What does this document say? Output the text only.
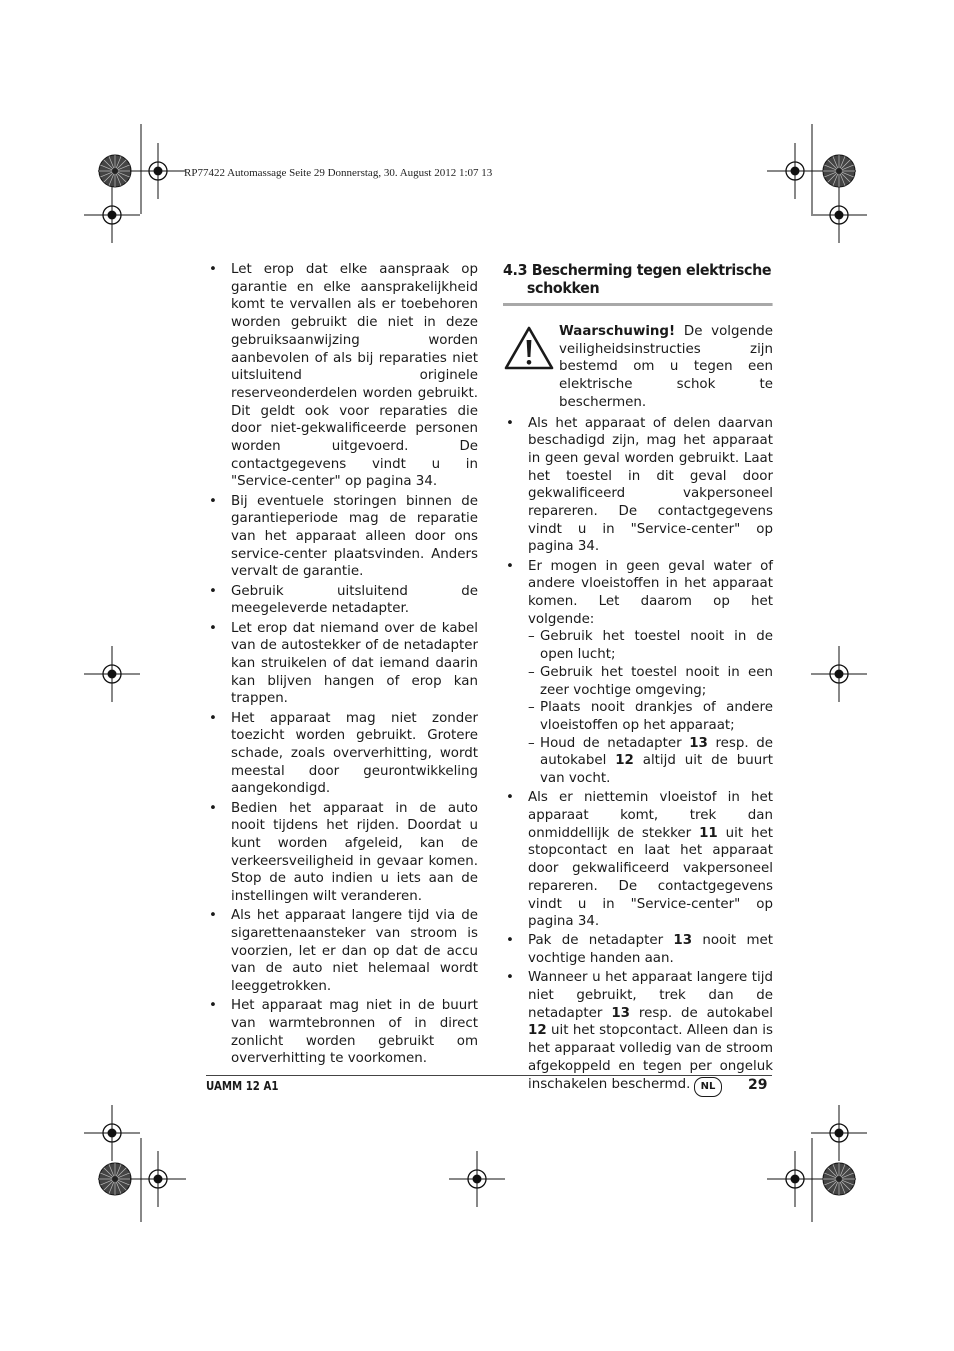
RP77422 Automassage Seite 29 Donnerstag, 30. August 2012 1:07 13
• Let erop dat elke aanspraak op garantie en elke aansprakelijkheid komt te vervallen als er toebehoren worden gebruikt die niet in deze gebruiksaanwijzing worden aanbevolen of als bij reparaties niet uitsluitend originele reserveonderdelen worden gebruikt. Dit geldt ook voor reparaties die door niet-gekwalificeerde personen worden uitgevoerd. De contactgegevens vindt u in "Service-center" op pagina 34.
• Bij eventuele storingen binnen de garantieperiode mag de reparatie van het apparaat alleen door ons service-center plaatsvinden. Anders vervalt de garantie.
• Gebruik uitsluitend de meegeleverde netadapter.
• Let erop dat niemand over de kabel van de autostekker of de netadapter kan struikelen of dat iemand daarin kan blijven hangen of erop kan trappen.
• Het apparaat mag niet zonder toezicht worden gebruikt. Grotere schade, zoals oververhitting, wordt meestal door geurontwikkeling aangekondigd.
• Bedien het apparaat in de auto nooit tijdens het rijden. Doordat u kunt worden afgeleid, kan de verkeersveiligheid in gevaar komen. Stop de auto indien u iets aan de instellingen wilt veranderen.
• Als het apparaat langere tijd via de sigarettenaansteker van stroom is voorzien, let er dan op dat de accu van de auto niet helemaal wordt leeggetrokken.
• Het apparaat mag niet in de buurt van warmtebronnen of in direct zonlicht worden gebruikt om oververhitting te voorkomen.
4.3 Bescherming tegen elektrische
schokken
Waarschuwing! De volgende veiligheidsinstructies zijn bestemd om u tegen een elektrische schok te beschermen.
• Als het apparaat of delen daarvan beschadigd zijn, mag het apparaat in geen geval worden gebruikt. Laat het toestel in dit geval door gekwalificeerd vakpersoneel repareren. De contactgegevens vindt u in "Service-center" op pagina 34.
• Er mogen in geen geval water of andere vloeistoffen in het apparaat komen. Let daarom op het volgende:
– Gebruik het toestel nooit in de open lucht;
– Gebruik het toestel nooit in een zeer vochtige omgeving;
– Plaats nooit drankjes of andere vloeistoffen op het apparaat;
– Houd de netadapter 13 resp. de autokabel 12 altijd uit de buurt van vocht.
• Als er niettemin vloeistof in het apparaat komt, trek dan onmiddellijk de stekker 11 uit het stopcontact en laat het apparaat door gekwalificeerd vakpersoneel repareren. De contactgegevens vindt u in "Service-center" op pagina 34.
• Pak de netadapter 13 nooit met vochtige handen aan.
• Wanneer u het apparaat langere tijd niet gebruikt, trek dan de netadapter 13 resp. de autokabel 12 uit het stopcontact. Alleen dan is het apparaat volledig van de stroom afgekoppeld en tegen per ongeluk inschakelen beschermd.
UAMM 12 A1	NL	29
